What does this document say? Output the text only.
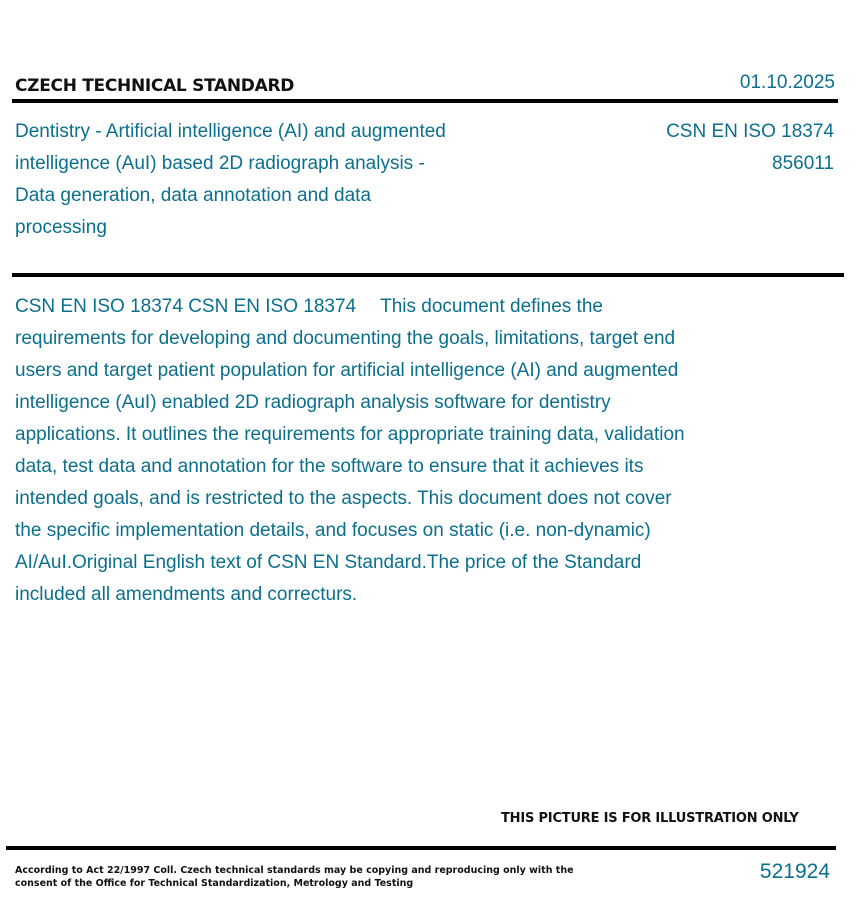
CZECH TECHNICAL STANDARD	01.10.2025
Dentistry - Artificial intelligence (AI) and augmented intelligence (AuI) based 2D radiograph analysis - Data generation, data annotation and data processing
CSN EN ISO 18374
856011
CSN EN ISO 18374 CSN EN ISO 18374 This document defines the requirements for developing and documenting the goals, limitations, target end users and target patient population for artificial intelligence (AI) and augmented intelligence (AuI) enabled 2D radiograph analysis software for dentistry applications. It outlines the requirements for appropriate training data, validation data, test data and annotation for the software to ensure that it achieves its intended goals, and is restricted to the aspects. This document does not cover the specific implementation details, and focuses on static (i.e. non-dynamic) AI/AuI.Original English text of CSN EN Standard.The price of the Standard included all amendments and correcturs.
THIS PICTURE IS FOR ILLUSTRATION ONLY
According to Act 22/1997 Coll. Czech technical standards may be copying and reproducing only with the consent of the Office for Technical Standardization, Metrology and Testing
521924
